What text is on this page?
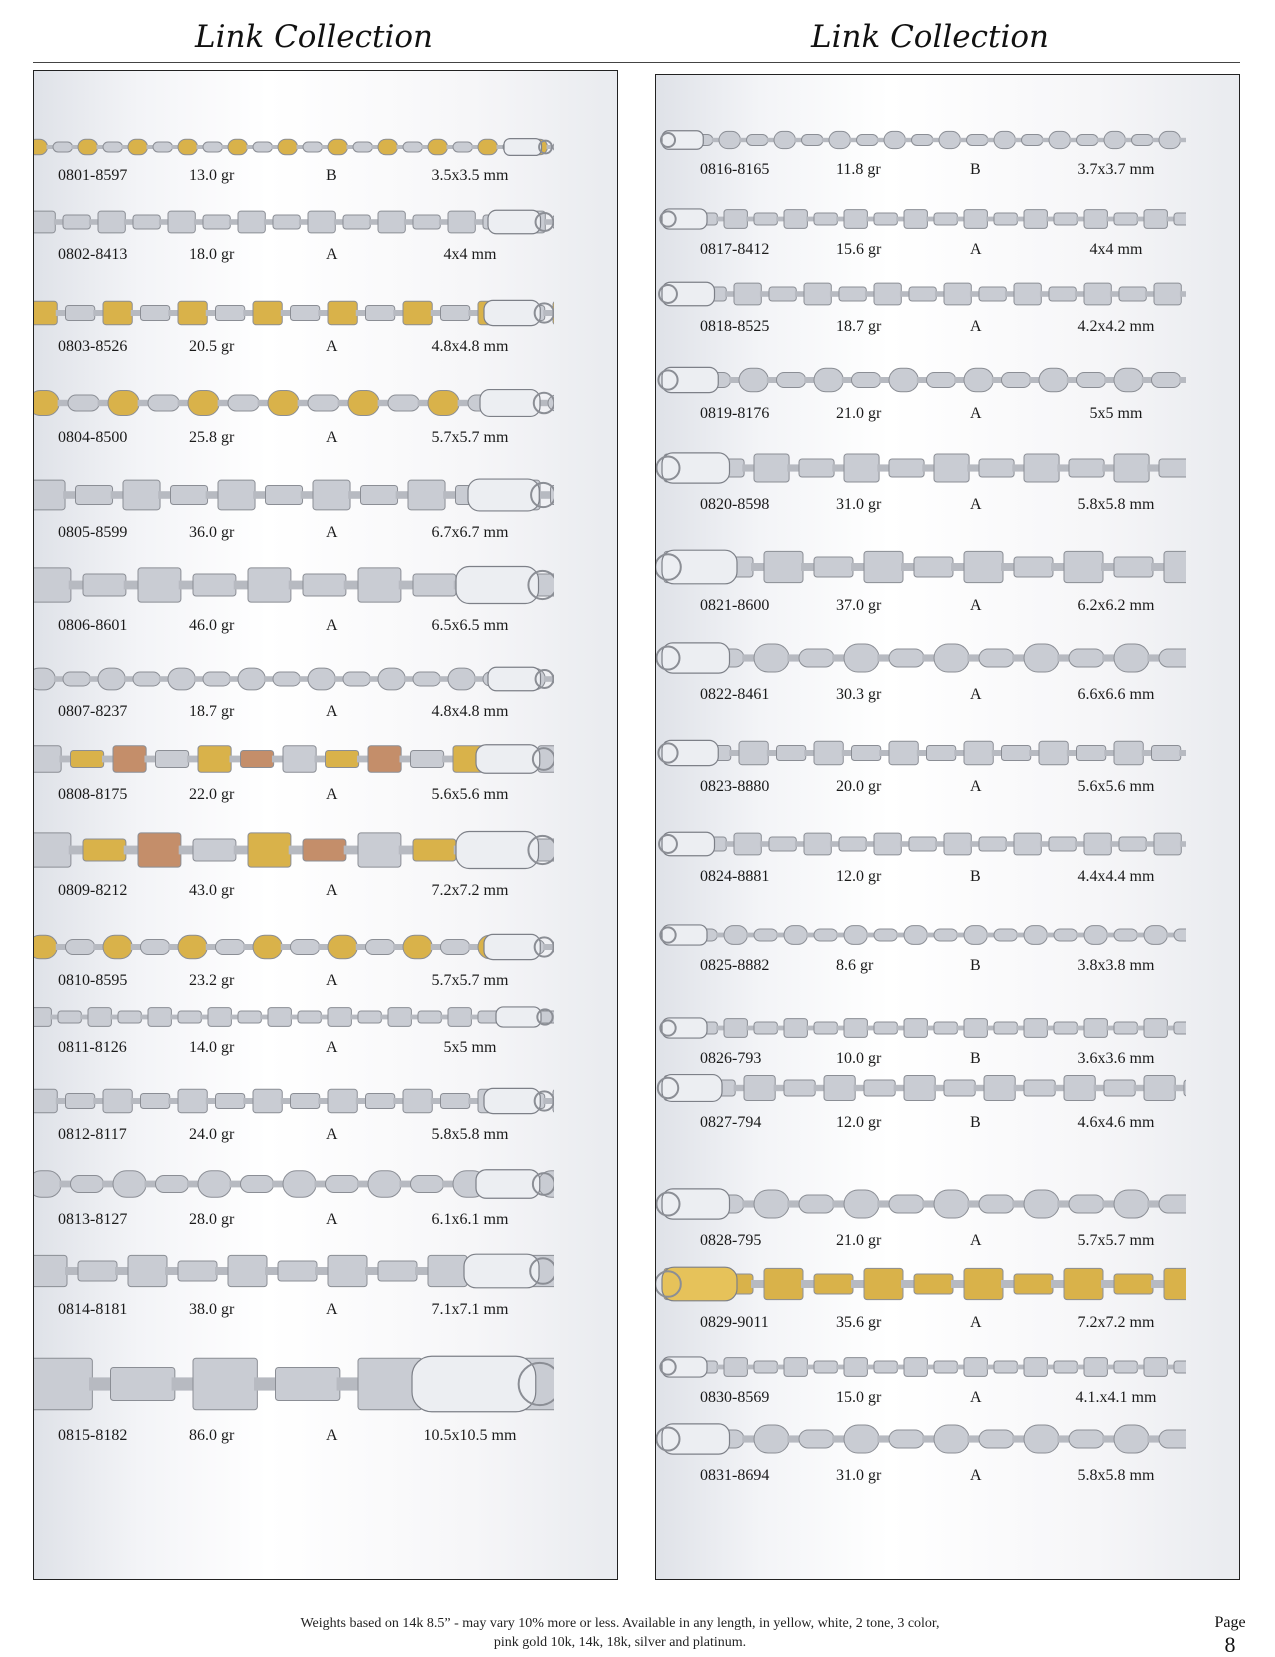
Link Collection	Link Collection
0801-8597	13.0 gr	B	3.5x3.5 mm
0802-8413	18.0 gr	A	4x4 mm
0803-8526	20.5 gr	A	4.8x4.8 mm
0804-8500	25.8 gr	A	5.7x5.7 mm
0805-8599	36.0 gr	A	6.7x6.7 mm
0806-8601	46.0 gr	A	6.5x6.5 mm
0807-8237	18.7 gr	A	4.8x4.8 mm
0808-8175	22.0 gr	A	5.6x5.6 mm
0809-8212	43.0 gr	A	7.2x7.2 mm
0810-8595	23.2 gr	A	5.7x5.7 mm
0811-8126	14.0 gr	A	5x5 mm
0812-8117	24.0 gr	A	5.8x5.8 mm
0813-8127	28.0 gr	A	6.1x6.1 mm
0814-8181	38.0 gr	A	7.1x7.1 mm
0815-8182	86.0 gr	A	10.5x10.5 mm
0816-8165	11.8 gr	B	3.7x3.7 mm
0817-8412	15.6 gr	A	4x4 mm
0818-8525	18.7 gr	A	4.2x4.2 mm
0819-8176	21.0 gr	A	5x5 mm
0820-8598	31.0 gr	A	5.8x5.8 mm
0821-8600	37.0 gr	A	6.2x6.2 mm
0822-8461	30.3 gr	A	6.6x6.6 mm
0823-8880	20.0 gr	A	5.6x5.6 mm
0824-8881	12.0 gr	B	4.4x4.4 mm
0825-8882	8.6 gr	B	3.8x3.8 mm
0826-793	10.0 gr	B	3.6x3.6 mm
0827-794	12.0 gr	B	4.6x4.6 mm
0828-795	21.0 gr	A	5.7x5.7 mm
0829-9011	35.6 gr	A	7.2x7.2 mm
0830-8569	15.0 gr	A	4.1.x4.1 mm
0831-8694	31.0 gr	A	5.8x5.8 mm
Weights based on 14k 8.5” - may vary 10% more or less. Available in any length, in yellow, white, 2 tone, 3 color,
pink gold 10k, 14k, 18k, silver and platinum.
Page
8
